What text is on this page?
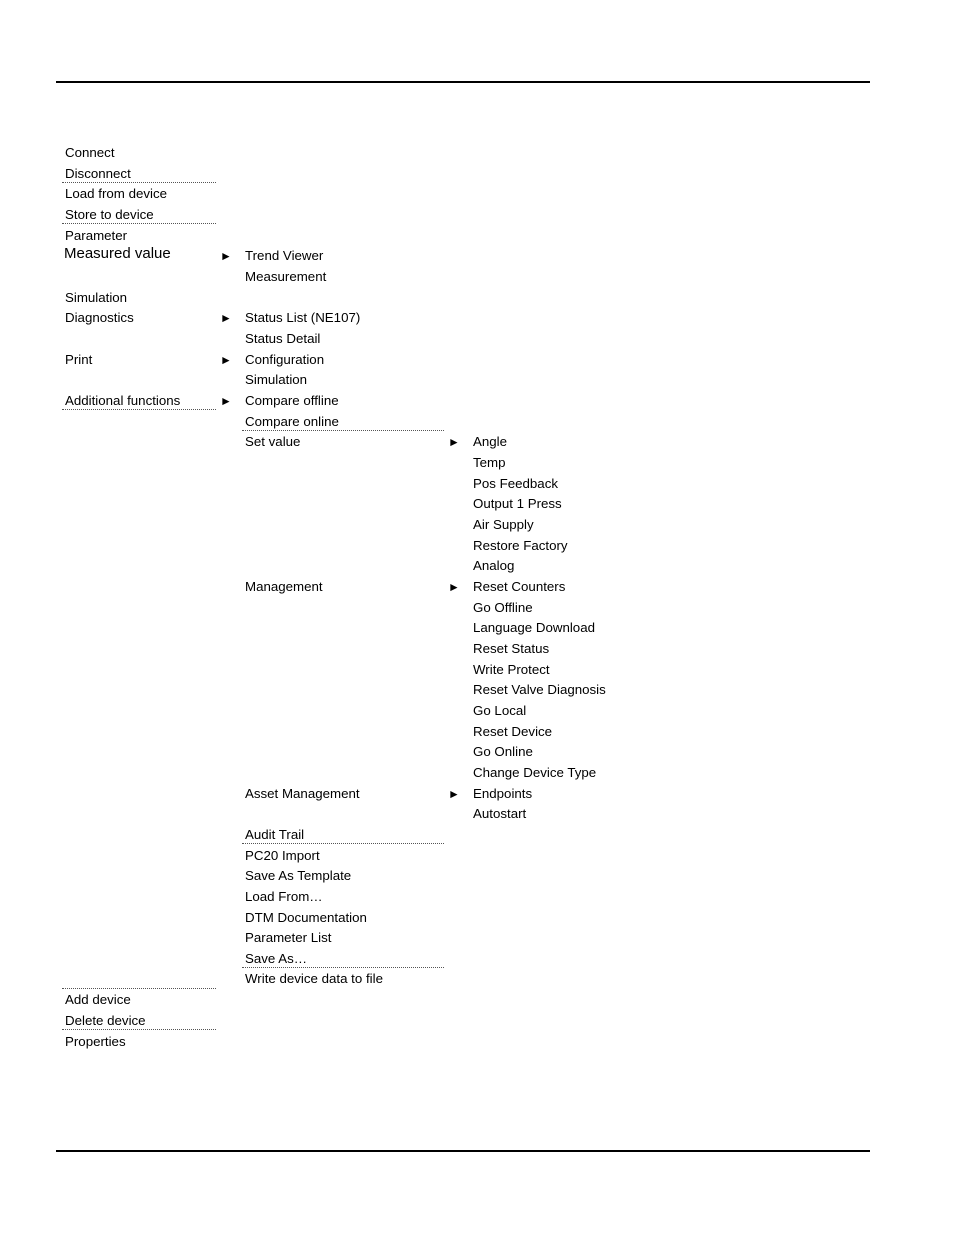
Connect
Disconnect
Load from device
Store to device
Parameter
Measured value
Simulation
Diagnostics
Print
Additional functions
Add device
Delete device
Properties
►
►
►
►
Trend Viewer
Measurement
Status List (NE107)
Status Detail
Configuration
Simulation
Compare offline
Compare online
Set value
Management
Asset Management
Audit Trail
PC20 Import
Save As Template
Load From…
DTM Documentation
Parameter List
Save As…
Write device data to file
►
►
►
Angle
Temp
Pos Feedback
Output 1 Press
Air Supply
Restore Factory
Analog
Reset Counters
Go Offline
Language Download
Reset Status
Write Protect
Reset Valve Diagnosis
Go Local
Reset Device
Go Online
Change Device Type
Endpoints
Autostart
